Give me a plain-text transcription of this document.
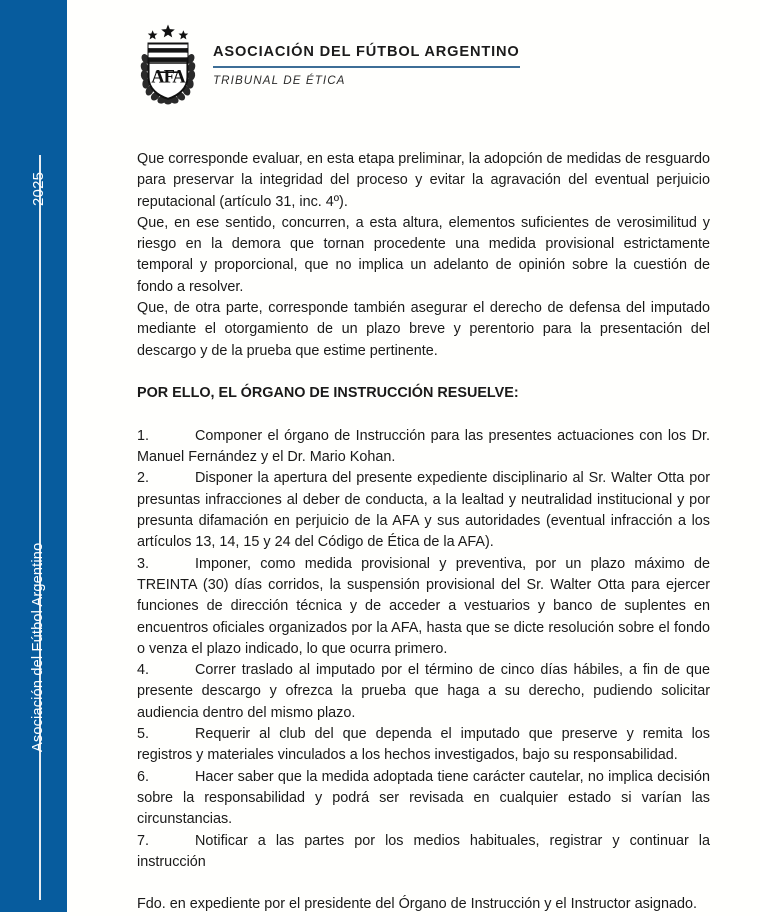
2025
Asociación del Fútbol Argentino
AFA
ASOCIACIÓN DEL FÚTBOL ARGENTINO
TRIBUNAL DE ÉTICA

Que corresponde evaluar, en esta etapa preliminar, la adopción de medidas de resguardo para preservar la integridad del proceso y evitar la agravación del eventual perjuicio reputacional (artículo 31, inc. 4º).

Que, en ese sentido, concurren, a esta altura, elementos suficientes de verosimilitud y riesgo en la demora que tornan procedente una medida provisional estrictamente temporal y proporcional, que no implica un adelanto de opinión sobre la cuestión de fondo a resolver.

Que, de otra parte, corresponde también asegurar el derecho de defensa del imputado mediante el otorgamiento de un plazo breve y perentorio para la presentación del descargo y de la prueba que estime pertinente.

POR ELLO, EL ÓRGANO DE INSTRUCCIÓN RESUELVE:

1.	Componer el órgano de Instrucción para las presentes actuaciones con los Dr. Manuel Fernández y el Dr. Mario Kohan.

2.	Disponer la apertura del presente expediente disciplinario al Sr. Walter Otta por presuntas infracciones al deber de conducta, a la lealtad y neutralidad institucional y por presunta difamación en perjuicio de la AFA y sus autoridades (eventual infracción a los artículos 13, 14, 15 y 24 del Código de Ética de la AFA).

3.	Imponer, como medida provisional y preventiva, por un plazo máximo de TREINTA (30) días corridos, la suspensión provisional del Sr. Walter Otta para ejercer funciones de dirección técnica y de acceder a vestuarios y banco de suplentes en encuentros oficiales organizados por la AFA, hasta que se dicte resolución sobre el fondo o venza el plazo indicado, lo que ocurra primero.

4.	Correr traslado al imputado por el término de cinco días hábiles, a fin de que presente descargo y ofrezca la prueba que haga a su derecho, pudiendo solicitar audiencia dentro del mismo plazo.

5.	Requerir al club del que dependa el imputado que preserve y remita los registros y materiales vinculados a los hechos investigados, bajo su responsabilidad.

6.	Hacer saber que la medida adoptada tiene carácter cautelar, no implica decisión sobre la responsabilidad y podrá ser revisada en cualquier estado si varían las circunstancias.

7.	Notificar a las partes por los medios habituales, registrar y continuar la instrucción

Fdo. en expediente por el presidente del Órgano de Instrucción y el Instructor asignado.
